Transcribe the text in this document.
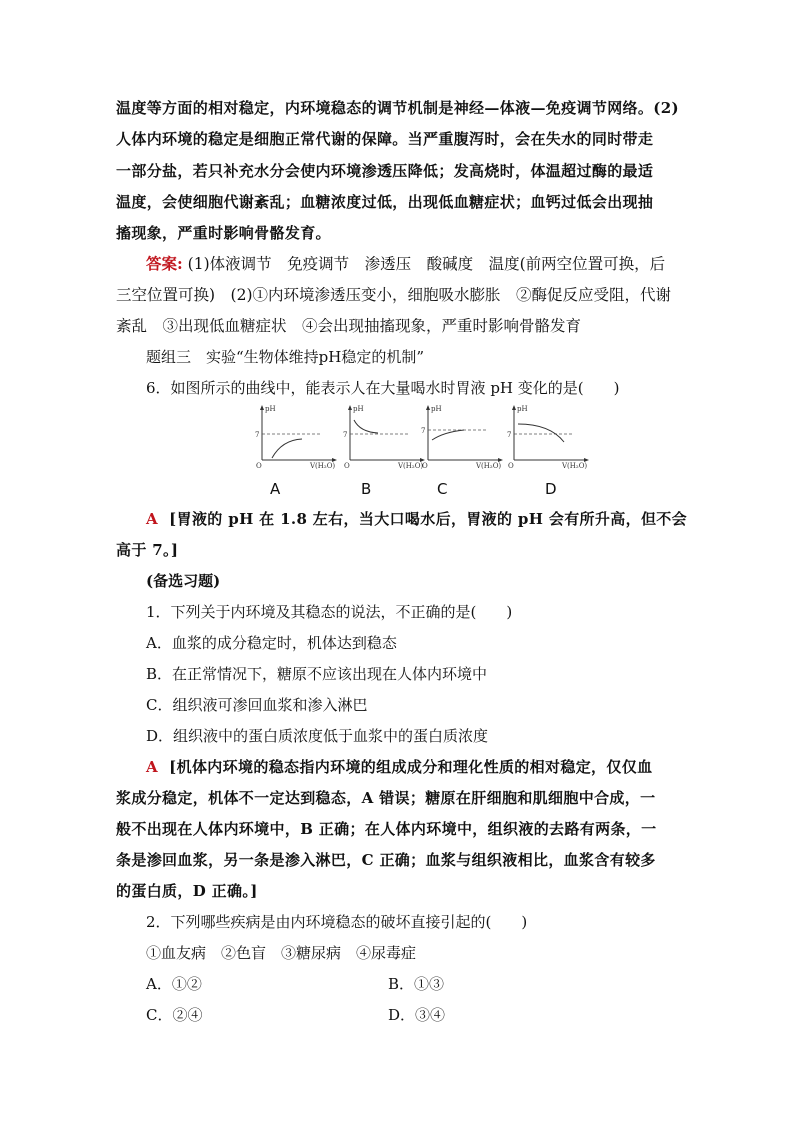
温度等方面的相对稳定，内环境稳态的调节机制是神经—体液—免疫调节网络。(2)
人体内环境的稳定是细胞正常代谢的保障。当严重腹泻时，会在失水的同时带走
一部分盐，若只补充水分会使内环境渗透压降低；发高烧时，体温超过酶的最适
温度，会使细胞代谢紊乱；血糖浓度过低，出现低血糖症状；血钙过低会出现抽
搐现象，严重时影响骨骼发育。
答案: (1)体液调节　免疫调节　渗透压　酸碱度　温度(前两空位置可换，后
三空位置可换)　(2)①内环境渗透压变小，细胞吸水膨胀　②酶促反应受阻，代谢
紊乱　③出现低血糖症状　④会出现抽搐现象，严重时影响骨骼发育
题组三　实验“生物体维持pH稳定的机制”
6．如图所示的曲线中，能表示人在大量喝水时胃液 pH 变化的是(　　)
pH
7
O	V(H₂O)
pH
7
O	V(H₂O)
pH
7
O	V(H₂O)
pH
7
O	V(H₂O)
A	B	C	D
A [胃液的 pH 在 1.8 左右，当大口喝水后，胃液的 pH 会有所升高，但不会
高于 7。]
(备选习题)
1．下列关于内环境及其稳态的说法，不正确的是(　　)
A．血浆的成分稳定时，机体达到稳态
B．在正常情况下，糖原不应该出现在人体内环境中
C．组织液可渗回血浆和渗入淋巴
D．组织液中的蛋白质浓度低于血浆中的蛋白质浓度
A [机体内环境的稳态指内环境的组成成分和理化性质的相对稳定，仅仅血
浆成分稳定，机体不一定达到稳态，A 错误；糖原在肝细胞和肌细胞中合成，一
般不出现在人体内环境中，B 正确；在人体内环境中，组织液的去路有两条，一
条是渗回血浆，另一条是渗入淋巴，C 正确；血浆与组织液相比，血浆含有较多
的蛋白质，D 正确。]
2．下列哪些疾病是由内环境稳态的破坏直接引起的(　　)
①血友病　②色盲　③糖尿病　④尿毒症
A．①②	B．①③
C．②④	D．③④
